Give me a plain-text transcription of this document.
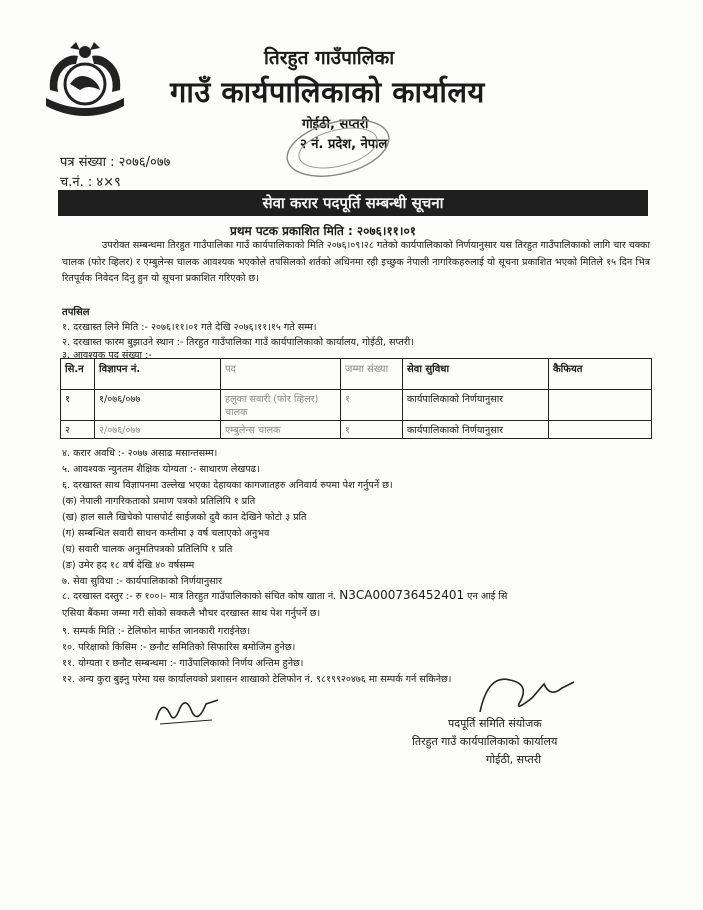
तिरहुत गाउँपालिका
गाउँ कार्यपालिकाको कार्यालय
गोईठी, सप्तरी
२ नं. प्रदेश, नेपाल
पत्र संख्या : २०७६/०७७
च.नं. : ४×९
सेवा करार पदपूर्ति सम्बन्धी सूचना
प्रथम पटक प्रकाशित मिति : २०७६।११।०१
उपरोक्त सम्बन्धमा तिरहुत गाउँपालिका गाउँ कार्यपालिकाको मिति २०७६।०९।२८ गतेको कार्यपालिकाको निर्णयानुसार यस तिरहुत गाउँपालिकाको लागि चार चक्का चालक (फोर व्हिलर) र एम्बुलेन्स चालक आवश्यक भएकोले तपसिलको शर्तको अधिनमा रही इच्छुक नेपाली नागरिकहरुलाई यो सूचना प्रकाशित भएको मितिले १५ दिन भित्र रितपूर्वक निवेदन दिनु हुन यो सूचना प्रकाशित गरिएको छ।
तपसिल
१. दरखास्त लिने मिति :- २०७६।११।०१ गते देखि २०७६।११।१५ गते सम्म।
२. दरखास्त फारम बुझाउने स्थान :- तिरहुत गाउँपालिका गाउँ कार्यपालिकाको कार्यालय, गोईठी, सप्तरी।
३. आवश्यक पद संख्या :-
सि.न	विज्ञापन नं.	पद	जम्मा संख्या	सेवा सुविधा	कैफियत
१	१/०७६/०७७	हलुका सवारी (फोर व्हिलर) चालक	१	कार्यपालिकाको निर्णयानुसार	
२	२/०७६/०७७	एम्बुलेन्स चालक	१	कार्यपालिकाको निर्णयानुसार	
४. करार अवधि :- २०७७ असाढ मसान्तसम्म।
५. आवश्यक न्युनतम शैक्षिक योग्यता :- साधारण लेखपढ।
६. दरखास्त साथ विज्ञापनमा उल्लेख भएका देहायका कागजातहरु अनिवार्य रुपमा पेश गर्नुपर्ने छ।
(क) नेपाली नागरिकताको प्रमाण पत्रको प्रतिलिपि १ प्रति
(ख) हाल सालै खिचेको पासपोर्ट साईजको दुवै कान देखिने फोटो ३ प्रति
(ग) सम्बन्धित सवारी साधन कम्तीमा ३ वर्ष चलाएको अनुभव
(घ) सवारी चालक अनुमतिपत्रको प्रतिलिपि १ प्रति
(ङ) उमेर हद १८ वर्ष देखि ४० वर्षसम्म
७. सेवा सुविधा :- कार्यपालिकाको निर्णयानुसार
८. दरखास्त दस्तुर :- रु १००।- मात्र तिरहुत गाउँपालिकाको संचित कोष खाता नं. N3CA000736452401 एन आई सि
एसिया बैंकमा जम्मा गरी सोको सक्कलै भौचर दरखास्त साथ पेश गर्नुपर्ने छ।
९. सम्पर्क मिति :- टेलिफोन मार्फत जानकारी गराईनेछ।
१०. परिक्षाको किसिम :- छनौट समितिको सिफारिस बमोजिम हुनेछ।
११. योग्यता र छनौट सम्बन्धमा :- गाउँपालिकाको निर्णय अन्तिम हुनेछ।
१२. अन्य कुरा बुझ्नु परेमा यस कार्यालयको प्रशासन शाखाको टेलिफोन नं. ९८१९९२०४७६ मा सम्पर्क गर्न सकिनेछ।
पदपूर्ति समिति संयोजक
तिरहुत गाउँ कार्यपालिकाको कार्यालय
गोईठी, सप्तरी
